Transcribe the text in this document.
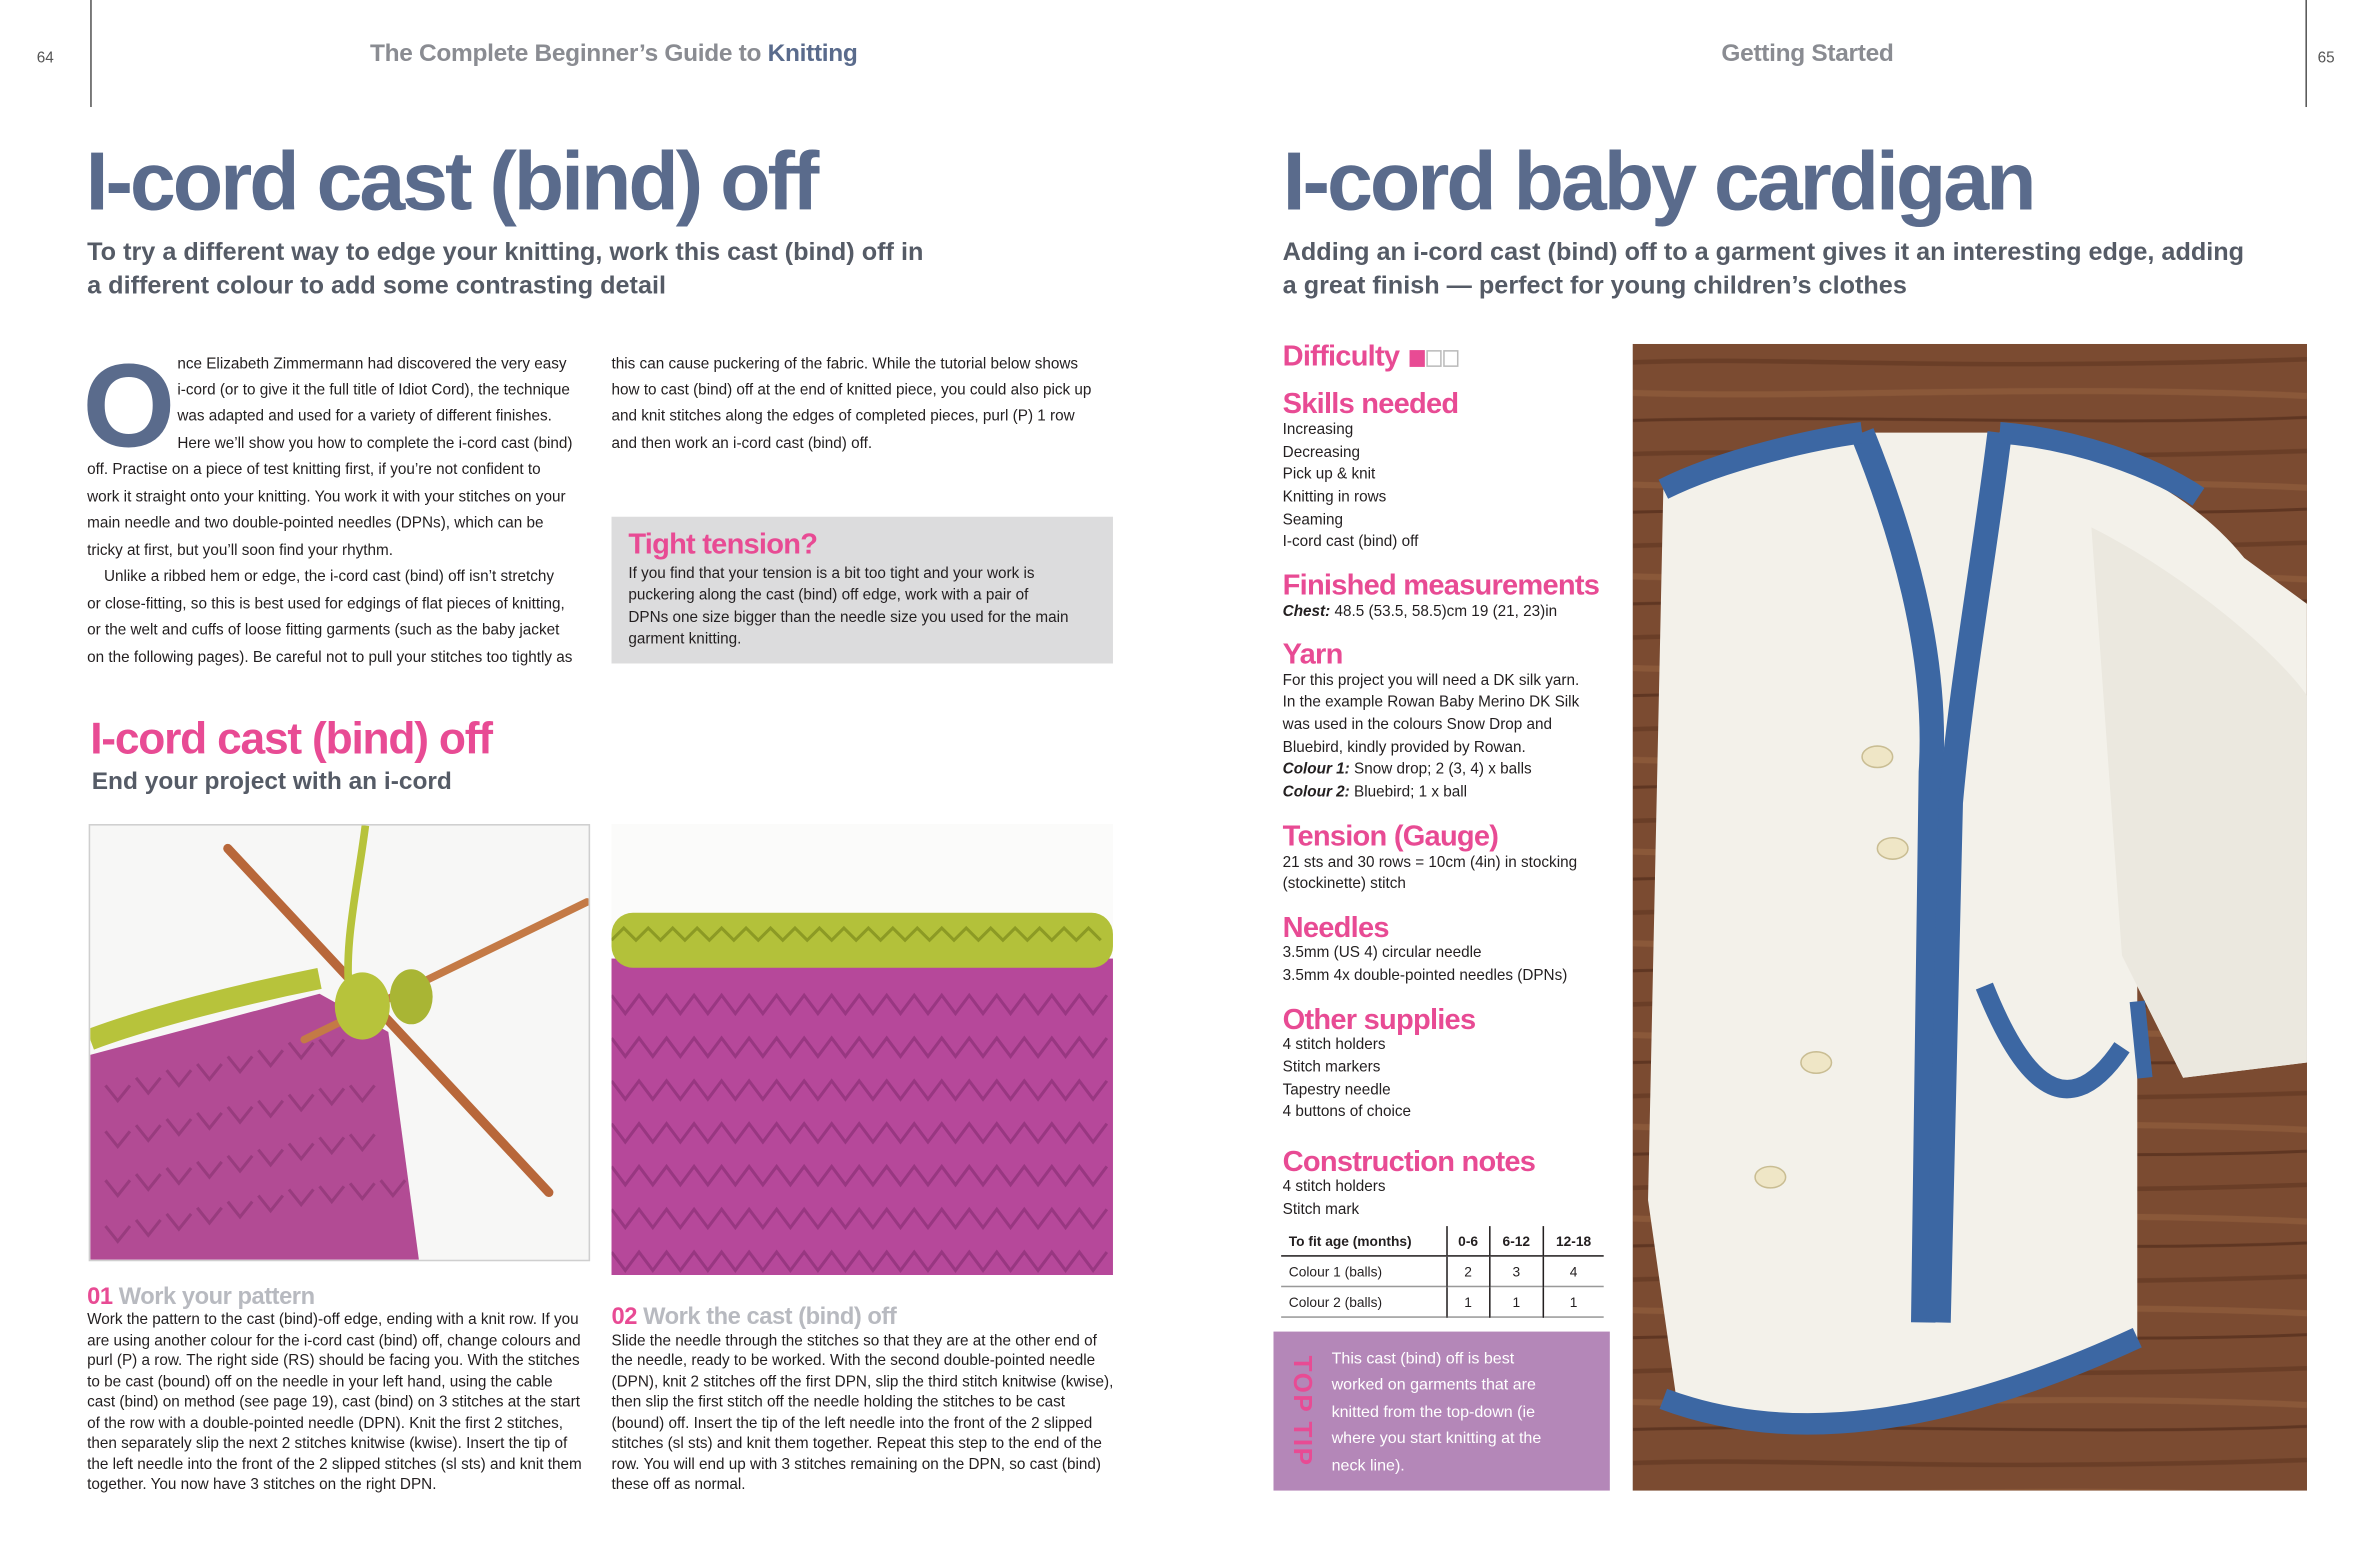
64	The Complete Beginner’s Guide to Knitting
I-cord cast (bind) off
To try a different way to edge your knitting, work this cast (bind) off in
a different colour to add some contrasting detail
O nce Elizabeth Zimmermann had discovered the very easy
i-cord (or to give it the full title of Idiot Cord), the technique
was adapted and used for a variety of different finishes.
Here we’ll show you how to complete the i-cord cast (bind)
off. Practise on a piece of test knitting first, if you’re not confident to
work it straight onto your knitting. You work it with your stitches on your
main needle and two double-pointed needles (DPNs), which can be
tricky at first, but you’ll soon find your rhythm.
Unlike a ribbed hem or edge, the i-cord cast (bind) off isn’t stretchy
or close-fitting, so this is best used for edgings of flat pieces of knitting,
or the welt and cuffs of loose fitting garments (such as the baby jacket
on the following pages). Be careful not to pull your stitches too tightly as
this can cause puckering of the fabric. While the tutorial below shows
how to cast (bind) off at the end of knitted piece, you could also pick up
and knit stitches along the edges of completed pieces, purl (P) 1 row
and then work an i-cord cast (bind) off.
Tight tension?
If you find that your tension is a bit too tight and your work is
puckering along the cast (bind) off edge, work with a pair of
DPNs one size bigger than the needle size you used for the main
garment knitting.
I-cord cast (bind) off
End your project with an i-cord
01 Work your pattern
Work the pattern to the cast (bind)-off edge, ending with a knit row. If you
are using another colour for the i-cord cast (bind) off, change colours and
purl (P) a row. The right side (RS) should be facing you. With the stitches
to be cast (bound) off on the needle in your left hand, using the cable
cast (bind) on method (see page 19), cast (bind) on 3 stitches at the start
of the row with a double-pointed needle (DPN). Knit the first 2 stitches,
then separately slip the next 2 stitches knitwise (kwise). Insert the tip of
the left needle into the front of the 2 slipped stitches (sl sts) and knit them
together. You now have 3 stitches on the right DPN.
02 Work the cast (bind) off
Slide the needle through the stitches so that they are at the other end of
the needle, ready to be worked. With the second double-pointed needle
(DPN), knit 2 stitches off the first DPN, slip the third stitch knitwise (kwise),
then slip the first stitch off the needle holding the stitches to be cast
(bound) off. Insert the tip of the left needle into the front of the 2 slipped
stitches (sl sts) and knit them together. Repeat this step to the end of the
row. You will end up with 3 stitches remaining on the DPN, so cast (bind)
these off as normal.
65
Getting Started
I-cord baby cardigan
Adding an i-cord cast (bind) off to a garment gives it an interesting edge, adding
a great finish — perfect for young children’s clothes
Difficulty
Skills needed
Increasing
Decreasing
Pick up & knit
Knitting in rows
Seaming
I-cord cast (bind) off
Finished measurements
Chest: 48.5 (53.5, 58.5)cm 19 (21, 23)in
Yarn
For this project you will need a DK silk yarn.
In the example Rowan Baby Merino DK Silk
was used in the colours Snow Drop and
Bluebird, kindly provided by Rowan.
Colour 1: Snow drop; 2 (3, 4) x balls
Colour 2: Bluebird; 1 x ball
Tension (Gauge)
21 sts and 30 rows = 10cm (4in) in stocking
(stockinette) stitch
Needles
3.5mm (US 4) circular needle
3.5mm 4x double-pointed needles (DPNs)
Other supplies
4 stitch holders
Stitch markers
Tapestry needle
4 buttons of choice
Construction notes
4 stitch holders
Stitch mark
To fit age (months)	0-6	6-12	12-18
Colour 1 (balls)	2	3	4
Colour 2 (balls)	1	1	1
TOP TIP This cast (bind) off is best
worked on garments that are
knitted from the top-down (ie
where you start knitting at the
neck line).
